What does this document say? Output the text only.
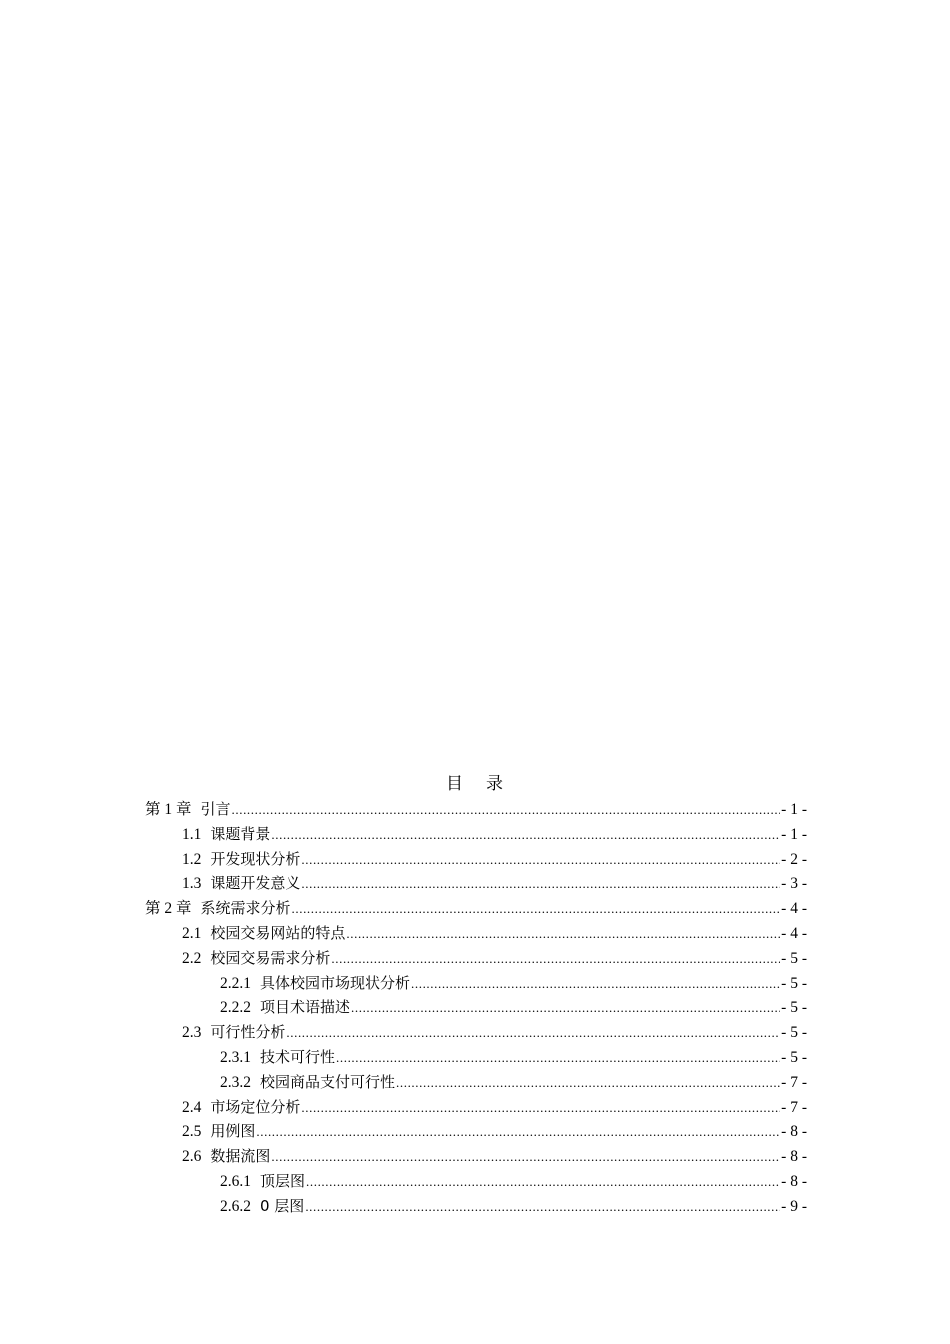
目 录
第 1 章 引言 .....	- 1 -
1.1 课题背景 .....	- 1 -
1.2 开发现状分析 .....	- 2 -
1.3 课题开发意义 .....	- 3 -
第 2 章 系统需求分析 .....	- 4 -
2.1 校园交易网站的特点 .....	- 4 -
2.2 校园交易需求分析 .....	- 5 -
2.2.1 具体校园市场现状分析 .....	- 5 -
2.2.2 项目术语描述 .....	- 5 -
2.3 可行性分析 .....	- 5 -
2.3.1 技术可行性 .....	- 5 -
2.3.2 校园商品支付可行性 .....	- 7 -
2.4 市场定位分析 .....	- 7 -
2.5 用例图 .....	- 8 -
2.6 数据流图 .....	- 8 -
2.6.1 顶层图 .....	- 8 -
2.6.2 0 层图 .....	- 9 -
